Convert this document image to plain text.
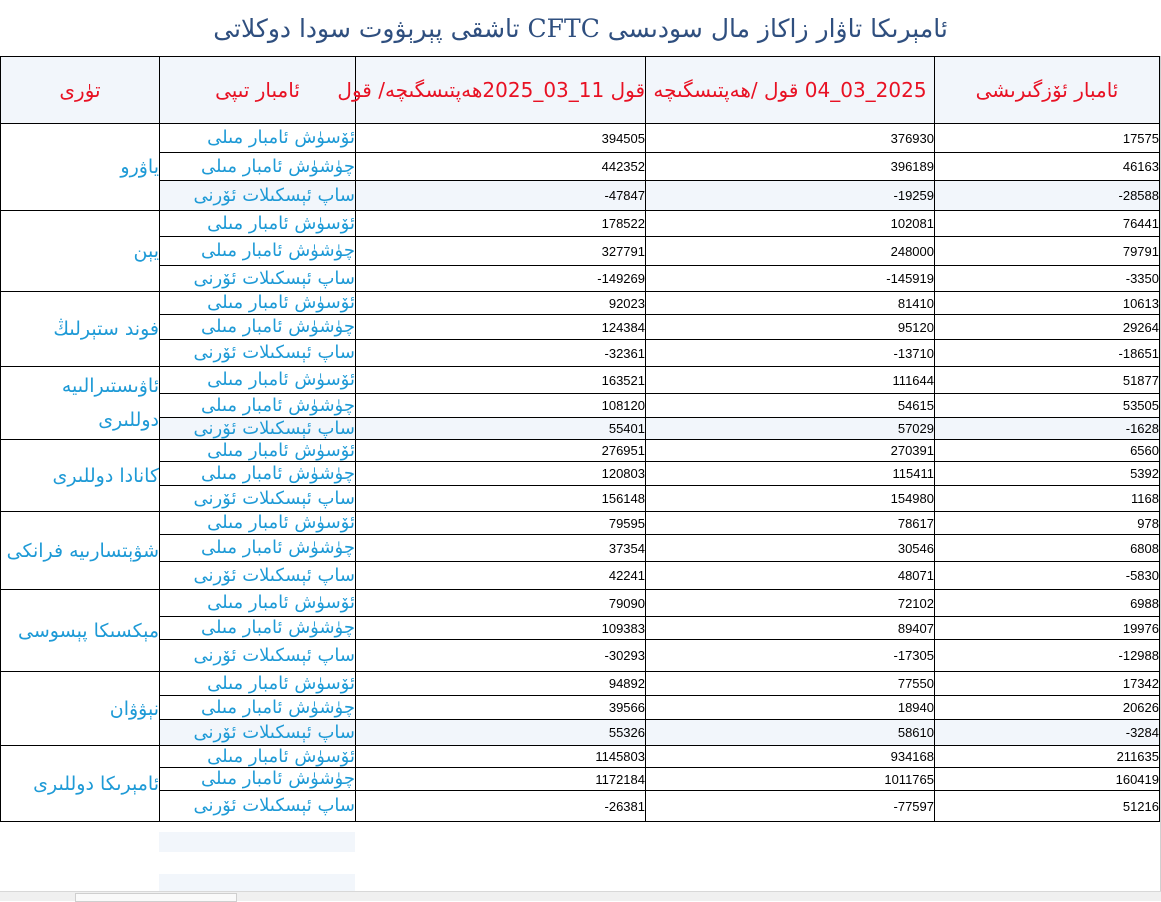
ئامېرىكا تاۋار زاكاز مال سودىسى CFTC تاشقى پېرېۋوت سودا دوكلاتى
تۈرى	ئامبار تىپى	قول 11_03_2025ھەپتىسگىچە/ قول	2025_03_04 قول /ھەپتىسگىچە	ئامبار ئۆزگىرىشى
ياۋرو	ئۆسۈش ئامبار مىلى	394505	376930	17575
	چۈشۈش ئامبار مىلى	442352	396189	46163
	ساپ ئېسكىلات ئۆرنى	-47847	-19259	-28588
يېن	ئۆسۈش ئامبار مىلى	178522	102081	76441
	چۈشۈش ئامبار مىلى	327791	248000	79791
	ساپ ئېسكىلات ئۆرنى	-149269	-145919	-3350
فوند ستېرلىڭ	ئۆسۈش ئامبار مىلى	92023	81410	10613
	چۈشۈش ئامبار مىلى	124384	95120	29264
	ساپ ئېسكىلات ئۆرنى	-32361	-13710	-18651
ئاۋىستىرالىيە دوللىرى	ئۆسۈش ئامبار مىلى	163521	111644	51877
	چۈشۈش ئامبار مىلى	108120	54615	53505
	ساپ ئېسكىلات ئۆرنى	55401	57029	-1628
كانادا دوللىرى	ئۆسۈش ئامبار مىلى	276951	270391	6560
	چۈشۈش ئامبار مىلى	120803	115411	5392
	ساپ ئېسكىلات ئۆرنى	156148	154980	1168
شۋېتسارىيە فرانكى	ئۆسۈش ئامبار مىلى	79595	78617	978
	چۈشۈش ئامبار مىلى	37354	30546	6808
	ساپ ئېسكىلات ئۆرنى	42241	48071	-5830
مېكسىكا پېسوسى	ئۆسۈش ئامبار مىلى	79090	72102	6988
	چۈشۈش ئامبار مىلى	109383	89407	19976
	ساپ ئېسكىلات ئۆرنى	-30293	-17305	-12988
نېۋۋان	ئۆسۈش ئامبار مىلى	94892	77550	17342
	چۈشۈش ئامبار مىلى	39566	18940	20626
	ساپ ئېسكىلات ئۆرنى	55326	58610	-3284
ئامېرىكا دوللىرى	ئۆسۈش ئامبار مىلى	1145803	934168	211635
	چۈشۈش ئامبار مىلى	1172184	1011765	160419
	ساپ ئېسكىلات ئۆرنى	-26381	-77597	51216
